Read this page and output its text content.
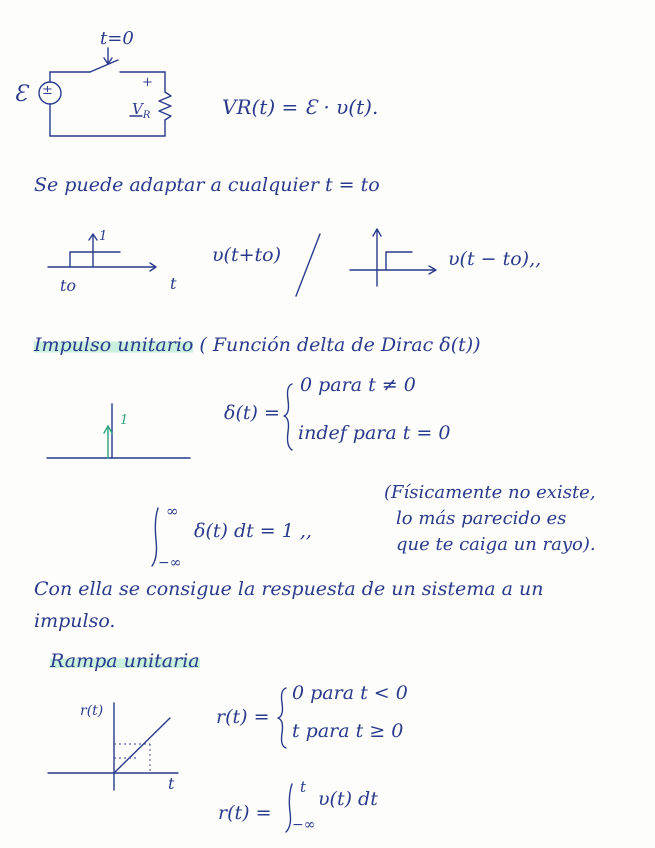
t=0
Ɛ ±
+
$V_R$	VR(t) = Ɛ · υ(t).
Se puede adaptar a cualquier t = to
1
to	t
υ(t+to)	υ(t − to),,
Impulso unitario ( Función delta de Dirac δ(t))
1	δ(t) =
0 para t ≠ 0
indef para t = 0
∞
−∞
δ(t) dt = 1 ,,
(Físicamente no existe,
lo más parecido es
que te caiga un rayo).
Con ella se consigue la respuesta de un sistema a un
impulso.
Rampa unitaria
r(t)
t
r(t) =
0 para t < 0
t para t ≥ 0
r(t) =
t
−∞
υ(t) dt
